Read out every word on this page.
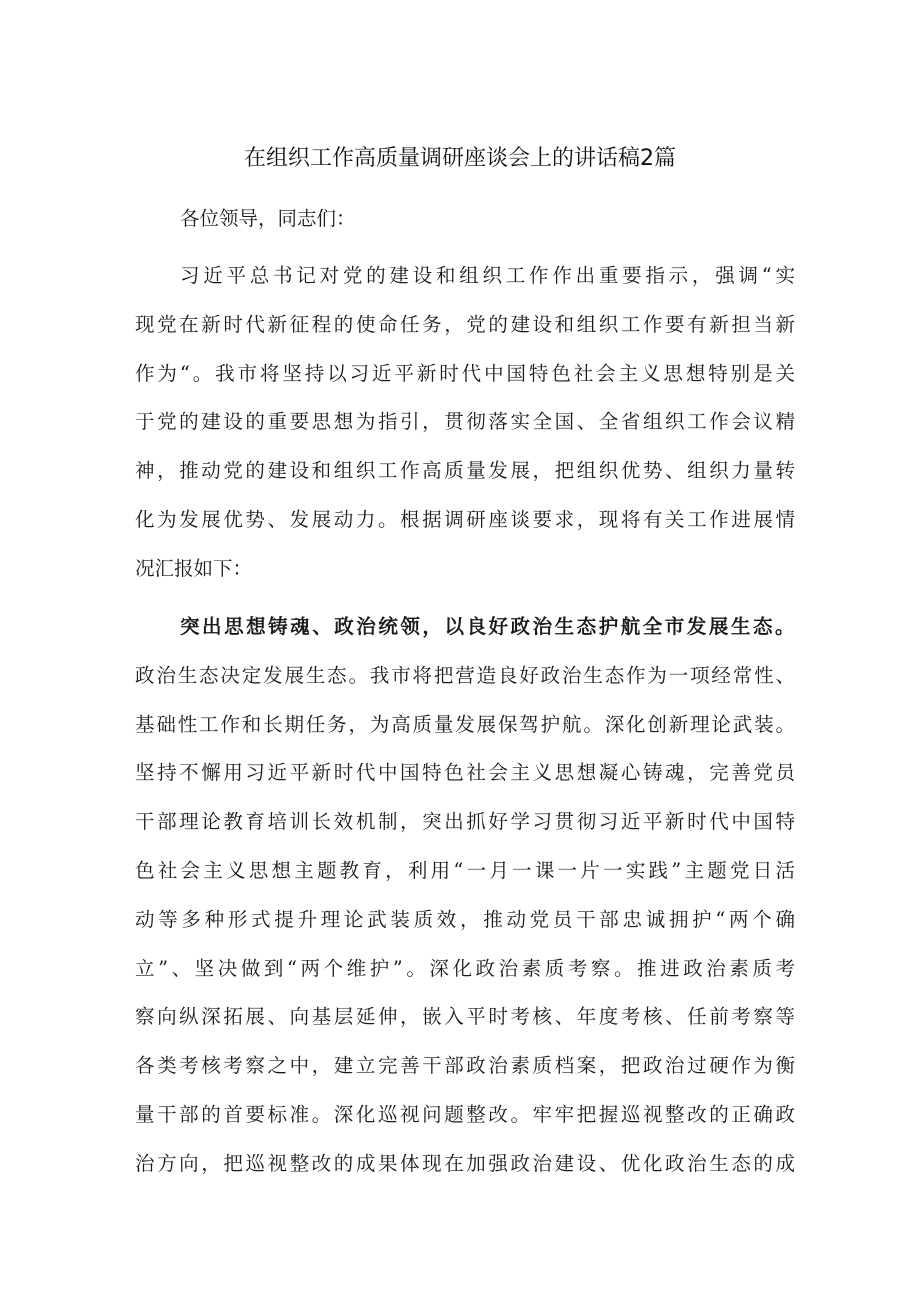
在组织工作高质量调研座谈会上的讲话稿2篇
各位领导，同志们：
习近平总书记对党的建设和组织工作作出重要指示，强调“实
现党在新时代新征程的使命任务，党的建设和组织工作要有新担当新
作为“。我市将坚持以习近平新时代中国特色社会主义思想特别是关
于党的建设的重要思想为指引，贯彻落实全国、全省组织工作会议精
神，推动党的建设和组织工作高质量发展，把组织优势、组织力量转
化为发展优势、发展动力。根据调研座谈要求，现将有关工作进展情
况汇报如下：
突出思想铸魂、政治统领，以良好政治生态护航全市发展生态。
政治生态决定发展生态。我市将把营造良好政治生态作为一项经常性、
基础性工作和长期任务，为高质量发展保驾护航。深化创新理论武装。
坚持不懈用习近平新时代中国特色社会主义思想凝心铸魂，完善党员
干部理论教育培训长效机制，突出抓好学习贯彻习近平新时代中国特
色社会主义思想主题教育，利用“一月一课一片一实践”主题党日活
动等多种形式提升理论武装质效，推动党员干部忠诚拥护“两个确
立”、坚决做到“两个维护”。深化政治素质考察。推进政治素质考
察向纵深拓展、向基层延伸，嵌入平时考核、年度考核、任前考察等
各类考核考察之中，建立完善干部政治素质档案，把政治过硬作为衡
量干部的首要标准。深化巡视问题整改。牢牢把握巡视整改的正确政
治方向，把巡视整改的成果体现在加强政治建设、优化政治生态的成
